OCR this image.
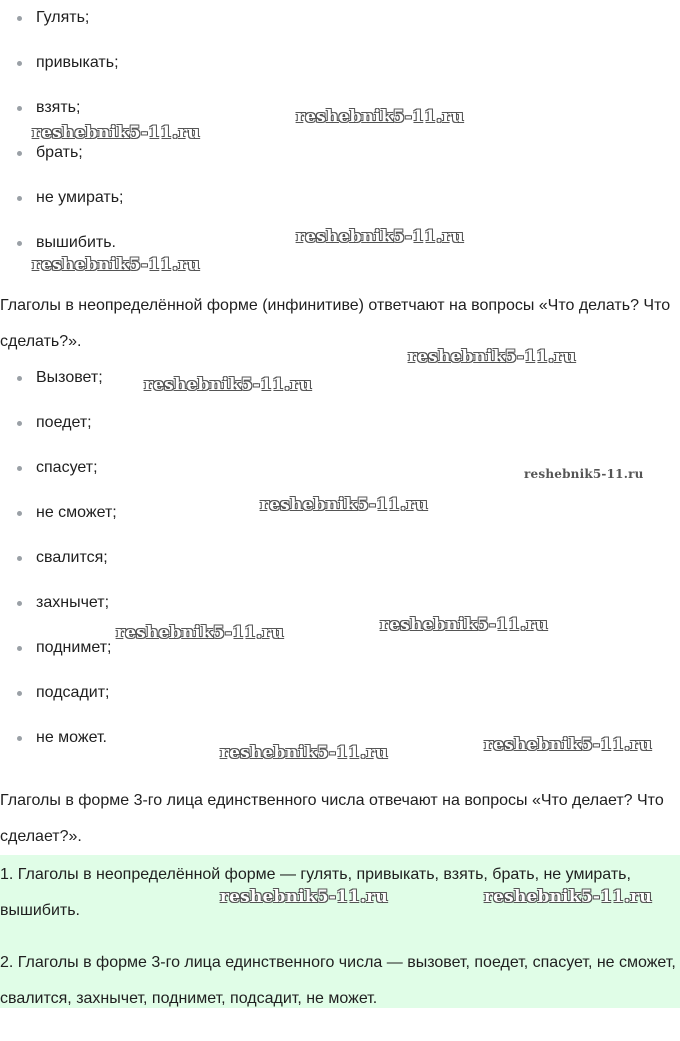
Гулять;
привыкать;
взять;
брать;
не умирать;
вышибить.

Глаголы в неопределённой форме (инфинитиве) ответчают на вопросы «Что делать? Что сделать?».

Вызовет;
поедет;
спасует;
не сможет;
свалится;
захнычет;
поднимет;
подсадит;
не может.

Глаголы в форме 3-го лица единственного числа отвечают на вопросы «Что делает? Что сделает?».

1. Глаголы в неопределённой форме — гулять, привыкать, взять, брать, не умирать, вышибить.

2. Глаголы в форме 3-го лица единственного числа — вызовет, поедет, спасует, не сможет, свалится, захнычет, поднимет, подсадит, не может.

reshebnik5-11.ru
reshebnik5-11.ru
reshebnik5-11.ru
reshebnik5-11.ru
reshebnik5-11.ru
reshebnik5-11.ru
reshebnik5-11.ru
reshebnik5-11.ru
reshebnik5-11.ru
reshebnik5-11.ru
reshebnik5-11.ru
reshebnik5-11.ru
reshebnik5-11.ru	reshebnik5-11.ru
